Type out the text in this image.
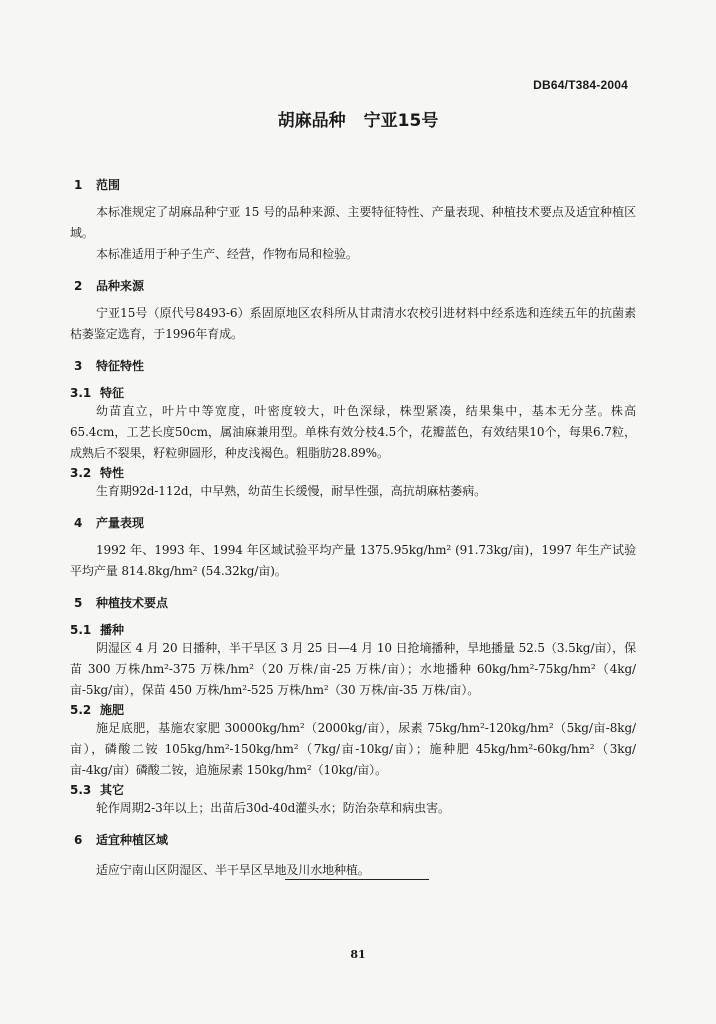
DB64/T384-2004
胡麻品种 宁亚15号
1 范围

本标准规定了胡麻品种宁亚 15 号的品种来源、主要特征特性、产量表现、种植技术要点及适宜种植区域。

本标准适用于种子生产、经营，作物布局和检验。

2 品种来源

宁亚15号（原代号8493-6）系固原地区农科所从甘肃清水农校引进材料中经系选和连续五年的抗菌素枯萎鉴定选育，于1996年育成。

3 特征特性
3.1 特征

幼苗直立，叶片中等宽度，叶密度较大，叶色深绿，株型紧凑，结果集中，基本无分茎。株高65.4cm，工艺长度50cm，属油麻兼用型。单株有效分枝4.5个，花瓣蓝色，有效结果10个，每果6.7粒，成熟后不裂果，籽粒卵圆形，种皮浅褐色。粗脂肪28.89%。

3.2 特性

生育期92d-112d，中早熟，幼苗生长缓慢，耐旱性强，高抗胡麻枯萎病。

4 产量表现

1992 年、1993 年、1994 年区域试验平均产量 1375.95kg/hm² (91.73kg/亩)，1997 年生产试验平均产量 814.8kg/hm² (54.32kg/亩)。

5 种植技术要点
5.1 播种

阴湿区 4 月 20 日播种，半干旱区 3 月 25 日—4 月 10 日抢墒播种，旱地播量 52.5（3.5kg/亩），保苗 300 万株/hm²-375 万株/hm²（20 万株/亩-25 万株/亩）；水地播种 60kg/hm²-75kg/hm²（4kg/亩-5kg/亩），保苗 450 万株/hm²-525 万株/hm²（30 万株/亩-35 万株/亩）。

5.2 施肥

施足底肥，基施农家肥 30000kg/hm²（2000kg/亩），尿素 75kg/hm²-120kg/hm²（5kg/亩-8kg/亩），磷酸二铵 105kg/hm²-150kg/hm²（7kg/亩-10kg/亩）；施种肥 45kg/hm²-60kg/hm²（3kg/亩-4kg/亩）磷酸二铵，追施尿素 150kg/hm²（10kg/亩）。

5.3 其它

轮作周期2-3年以上；出苗后30d-40d灌头水；防治杂草和病虫害。

6 适宜种植区域

适应宁南山区阴湿区、半干旱区旱地及川水地种植。

81
